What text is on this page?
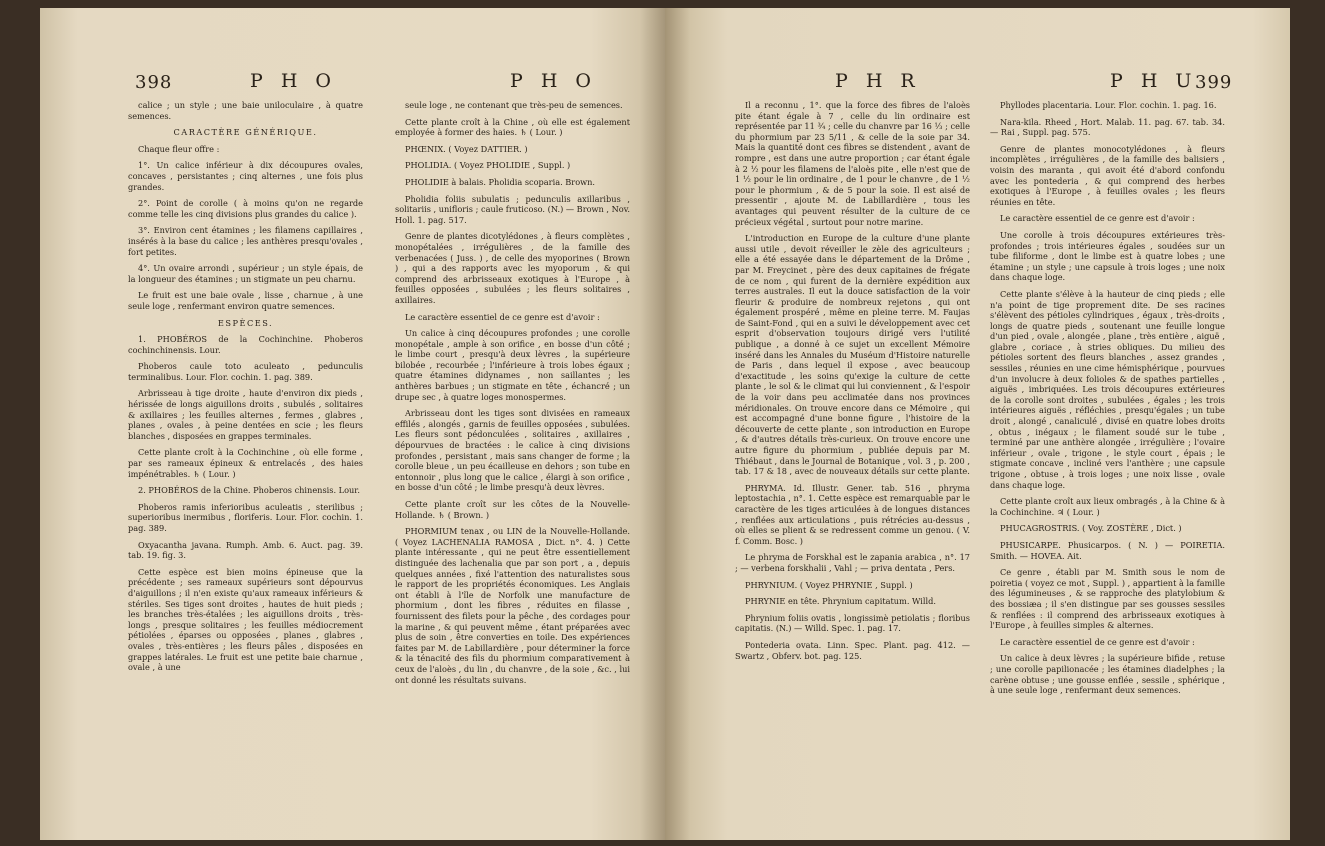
398	P H O	P H O

calice ; un style ; une baie uniloculaire , à quatre semences.

CARACTÈRE GÉNÉRIQUE.

Chaque fleur offre :

1°. Un calice inférieur à dix découpures ovales, concaves , persistantes ; cinq alternes , une fois plus grandes.

2°. Point de corolle ( à moins qu'on ne regarde comme telle les cinq divisions plus grandes du calice ).

3°. Environ cent étamines ; les filamens capillaires , insérés à la base du calice ; les anthères presqu'ovales , fort petites.

4°. Un ovaire arrondi , supérieur ; un style épais, de la longueur des étamines ; un stigmate un peu charnu.

Le fruit est une baie ovale , lisse , charnue , à une seule loge , renfermant environ quatre semences.

ESPÈCES.

1. PHOBÉROS de la Cochinchine. Phoberos cochinchinensis. Lour.

Phoberos caule toto aculeato , pedunculis terminalibus. Lour. Flor. cochin. 1. pag. 389.

Arbrisseau à tige droite , haute d'environ dix pieds , hérissée de longs aiguillons droits , subulés , solitaires & axillaires ; les feuilles alternes , fermes , glabres , planes , ovales , à peine dentées en scie ; les fleurs blanches , disposées en grappes terminales.

Cette plante croît à la Cochinchine , où elle forme , par ses rameaux épineux & entrelacés , des haies impénétrables. ♄ ( Lour. )

2. PHOBÉROS de la Chine. Phoberos chinensis. Lour.

Phoberos ramis inferioribus aculeatis , sterilibus ; superioribus inermibus , floriferis. Lour. Flor. cochin. 1. pag. 389.

Oxyacantha javana. Rumph. Amb. 6. Auct. pag. 39. tab. 19. fig. 3.

Cette espèce est bien moins épineuse que la précédente ; ses rameaux supérieurs sont dépourvus d'aiguillons ; il n'en existe qu'aux rameaux inférieurs & stériles. Ses tiges sont droites , hautes de huit pieds ; les branches très-étalées ; les aiguillons droits , très-longs , presque solitaires ; les feuilles médiocrement pétiolées , éparses ou opposées , planes , glabres , ovales , très-entières ; les fleurs pâles , disposées en grappes latérales. Le fruit est une petite baie charnue , ovale , à une

seule loge , ne contenant que très-peu de semences.

Cette plante croît à la Chine , où elle est également employée à former des haies. ♄ ( Lour. )

PHŒNIX. ( Voyez DATTIER. )

PHOLIDIA. ( Voyez PHOLIDIE , Suppl. )

PHOLIDIE à balais. Pholidia scoparia. Brown.

Pholidia foliis subulatis ; pedunculis axillaribus , solitariis , unifloris ; caule fruticoso. (N.) — Brown , Nov. Holl. 1. pag. 517.

Genre de plantes dicotylédones , à fleurs complètes , monopétalées , irrégulières , de la famille des verbenacées ( Juss. ) , de celle des myoporines ( Brown ) , qui a des rapports avec les myoporum , & qui comprend des arbrisseaux exotiques à l'Europe , à feuilles opposées , subulées ; les fleurs solitaires , axillaires.

Le caractère essentiel de ce genre est d'avoir :

Un calice à cinq découpures profondes ; une corolle monopétale , ample à son orifice , en bosse d'un côté ; le limbe court , presqu'à deux lèvres , la supérieure bilobée , recourbée ; l'inférieure à trois lobes égaux ; quatre étamines didynames , non saillantes ; les anthères barbues ; un stigmate en tête , échancré ; un drupe sec , à quatre loges monospermes.

Arbrisseau dont les tiges sont divisées en rameaux effilés , alongés , garnis de feuilles opposées , subulées. Les fleurs sont pédonculées , solitaires , axillaires , dépourvues de bractées : le calice à cinq divisions profondes , persistant , mais sans changer de forme ; la corolle bleue , un peu écailleuse en dehors ; son tube en entonnoir , plus long que le calice , élargi à son orifice , en bosse d'un côté ; le limbe presqu'à deux lèvres.

Cette plante croît sur les côtes de la Nouvelle-Hollande. ♄ ( Brown. )

PHORMIUM tenax , ou LIN de la Nouvelle-Hollande. ( Voyez LACHENALIA RAMOSA , Dict. n°. 4. ) Cette plante intéressante , qui ne peut être essentiellement distinguée des lachenalia que par son port , a , depuis quelques années , fixé l'attention des naturalistes sous le rapport de les propriétés économiques. Les Anglais ont établi à l'île de Norfolk une manufacture de phormium , dont les fibres , réduites en filasse , fournissent des filets pour la pêche , des cordages pour la marine , & qui peuvent même , étant préparées avec plus de soin , être converties en toile. Des expériences faites par M. de Labillardière , pour déterminer la force & la ténacité des fils du phormium comparativement à ceux de l'aloès , du lin , du chanvre , de la soie , &c. , lui ont donné les résultats suivans.

P H R	P H U
399

Il a reconnu , 1°. que la force des fibres de l'aloès pite étant égale à 7 , celle du lin ordinaire est représentée par 11 ¾ ; celle du chanvre par 16 ⅓ ; celle du phormium par 23 5/11 , & celle de la soie par 34. Mais la quantité dont ces fibres se distendent , avant de rompre , est dans une autre proportion ; car étant égale à 2 ½ pour les filamens de l'aloès pite , elle n'est que de 1 ½ pour le lin ordinaire , de 1 pour le chanvre , de 1 ½ pour le phormium , & de 5 pour la soie. Il est aisé de pressentir , ajoute M. de Labillardière , tous les avantages qui peuvent résulter de la culture de ce précieux végétal , surtout pour notre marine.

L'introduction en Europe de la culture d'une plante aussi utile , devoit réveiller le zèle des agriculteurs ; elle a été essayée dans le département de la Drôme , par M. Freycinet , père des deux capitaines de frégate de ce nom , qui furent de la dernière expédition aux terres australes. Il eut la douce satisfaction de la voir fleurir & produire de nombreux rejetons , qui ont également prospéré , même en pleine terre. M. Faujas de Saint-Fond , qui en a suivi le développement avec cet esprit d'observation toujours dirigé vers l'utilité publique , a donné à ce sujet un excellent Mémoire inséré dans les Annales du Muséum d'Histoire naturelle de Paris , dans lequel il expose , avec beaucoup d'exactitude , les soins qu'exige la culture de cette plante , le sol & le climat qui lui conviennent , & l'espoir de la voir dans peu acclimatée dans nos provinces méridionales. On trouve encore dans ce Mémoire , qui est accompagné d'une bonne figure , l'histoire de la découverte de cette plante , son introduction en Europe , & d'autres détails très-curieux. On trouve encore une autre figure du phormium , publiée depuis par M. Thiébaut , dans le Journal de Botanique , vol. 3 , p. 200 , tab. 17 & 18 , avec de nouveaux détails sur cette plante.

PHRYMA. Id. Illustr. Gener. tab. 516 , phryma leptostachia , n°. 1. Cette espèce est remarquable par le caractère de les tiges articulées à de longues distances , renflées aux articulations , puis rétrécies au-dessus , où elles se plient & se redressent comme un genou. ( V. f. Comm. Bosc. )

Le phryma de Forskhal est le zapania arabica , n°. 17 ; — verbena forskhalii , Vahl ; — priva dentata , Pers.

PHRYNIUM. ( Voyez PHRYNIE , Suppl. )

PHRYNIE en tête. Phrynium capitatum. Willd.

Phrynium foliis ovatis , longissimè petiolatis ; floribus capitatis. (N.) — Willd. Spec. 1. pag. 17.

Pontederia ovata. Linn. Spec. Plant. pag. 412. — Swartz , Obferv. bot. pag. 125.

Phyllodes placentaria. Lour. Flor. cochin. 1. pag. 16.

Nara-kila. Rheed , Hort. Malab. 11. pag. 67. tab. 34. — Rai , Suppl. pag. 575.

Genre de plantes monocotylédones , à fleurs incomplètes , irrégulières , de la famille des balisiers , voisin des maranta , qui avoit été d'abord confondu avec les pontederia , & qui comprend des herbes exotiques à l'Europe , à feuilles ovales ; les fleurs réunies en tête.

Le caractère essentiel de ce genre est d'avoir :

Une corolle à trois découpures extérieures très-profondes ; trois intérieures égales , soudées sur un tube filiforme , dont le limbe est à quatre lobes ; une étamine ; un style ; une capsule à trois loges ; une noix dans chaque loge.

Cette plante s'élève à la hauteur de cinq pieds ; elle n'a point de tige proprement dite. De ses racines s'élèvent des pétioles cylindriques , égaux , très-droits , longs de quatre pieds , soutenant une feuille longue d'un pied , ovale , alongée , plane , très entière , aiguë , glabre , coriace , à stries obliques. Du milieu des pétioles sortent des fleurs blanches , assez grandes , sessiles , réunies en une cime hémisphérique , pourvues d'un involucre à deux folioles & de spathes partielles , aiguës , imbriquées. Les trois découpures extérieures de la corolle sont droites , subulées , égales ; les trois intérieures aiguës , réfléchies , presqu'égales ; un tube droit , alongé , canaliculé , divisé en quatre lobes droits , obtus , inégaux ; le filament soudé sur le tube , terminé par une anthère alongée , irrégulière ; l'ovaire inférieur , ovale , trigone , le style court , épais ; le stigmate concave , incliné vers l'anthère ; une capsule trigone , obtuse , à trois loges ; une noix lisse , ovale dans chaque loge.

Cette plante croît aux lieux ombragés , à la Chine & à la Cochinchine. ♃ ( Lour. )

PHUCAGROSTRIS. ( Voy. ZOSTÈRE , Dict. )

PHUSICARPE. Phusicarpos. ( N. ) — POIRETIA. Smith. — HOVEA. Ait.

Ce genre , établi par M. Smith sous le nom de poiretia ( voyez ce mot , Suppl. ) , appartient à la famille des légumineuses , & se rapproche des platylobium & des bossiæa ; il s'en distingue par ses gousses sessiles & renflées : il comprend des arbrisseaux exotiques à l'Europe , à feuilles simples & alternes.

Le caractère essentiel de ce genre est d'avoir :

Un calice à deux lèvres ; la supérieure bifide , retuse ; une corolle papilionacée ; les étamines diadelphes ; la carène obtuse ; une gousse enflée , sessile , sphérique , à une seule loge , renfermant deux semences.
